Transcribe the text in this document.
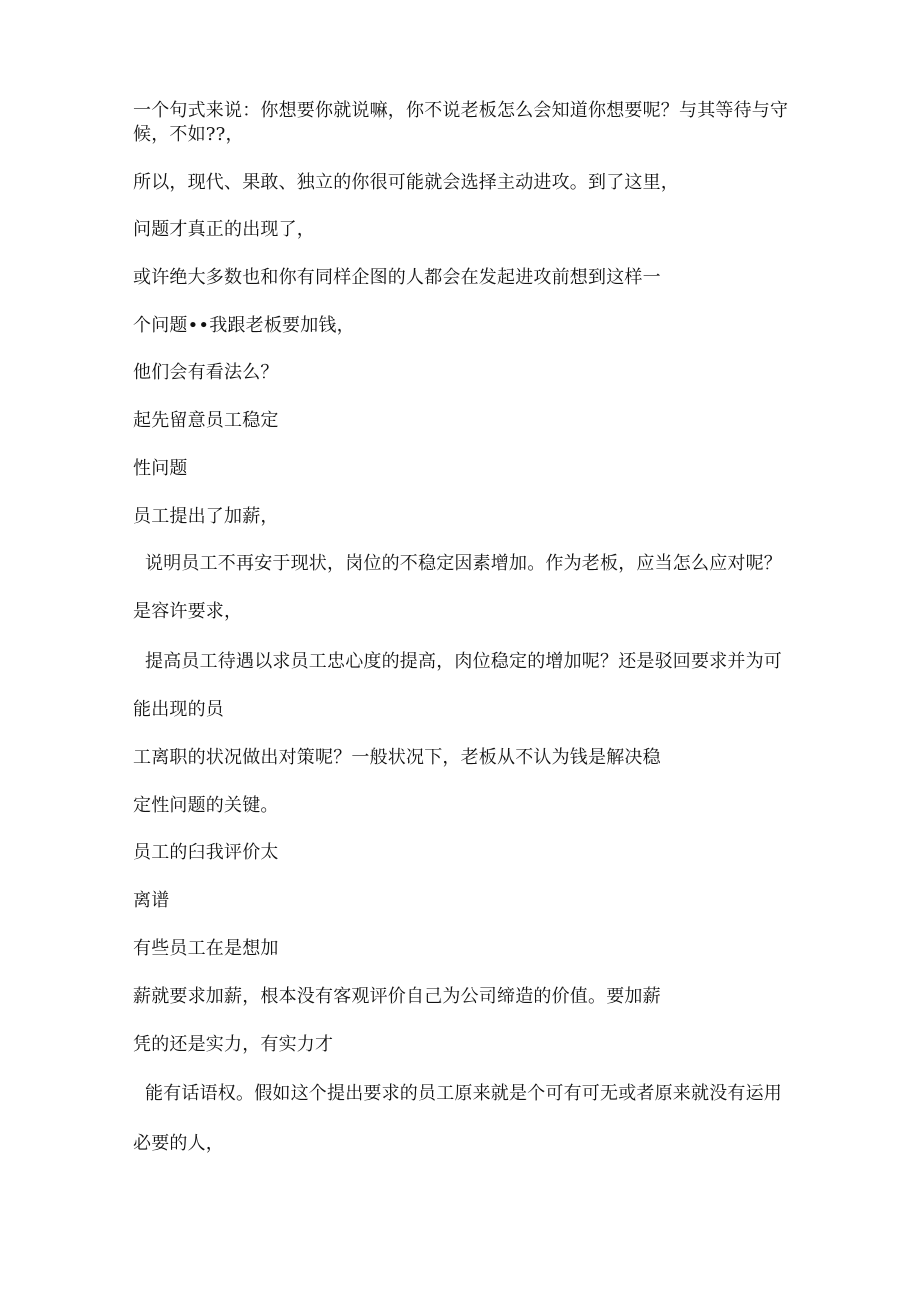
一个句式来说：你想要你就说嘛，你不说老板怎么会知道你想要呢？与其等待与守候，不如??，
所以，现代、果敢、独立的你很可能就会选择主动进攻。到了这里，
问题才真正的出现了，
或许绝大多数也和你有同样企图的人都会在发起进攻前想到这样一
个问题••我跟老板要加钱，
他们会有看法么？
起先留意员工稳定
性问题
员工提出了加薪，
说明员工不再安于现状，岗位的不稳定因素增加。作为老板，应当怎么应对呢？
是容许要求，
提高员工待遇以求员工忠心度的提高，肉位稳定的增加呢？还是驳回要求并为可
能出现的员
工离职的状况做出对策呢？一般状况下，老板从不认为钱是解决稳
定性问题的关键。
员工的臼我评价太
离谱
有些员工在是想加
薪就要求加薪，根本没有客观评价自己为公司缔造的价值。要加薪
凭的还是实力，有实力才
能有话语权。假如这个提出要求的员工原来就是个可有可无或者原来就没有运用
必要的人，
